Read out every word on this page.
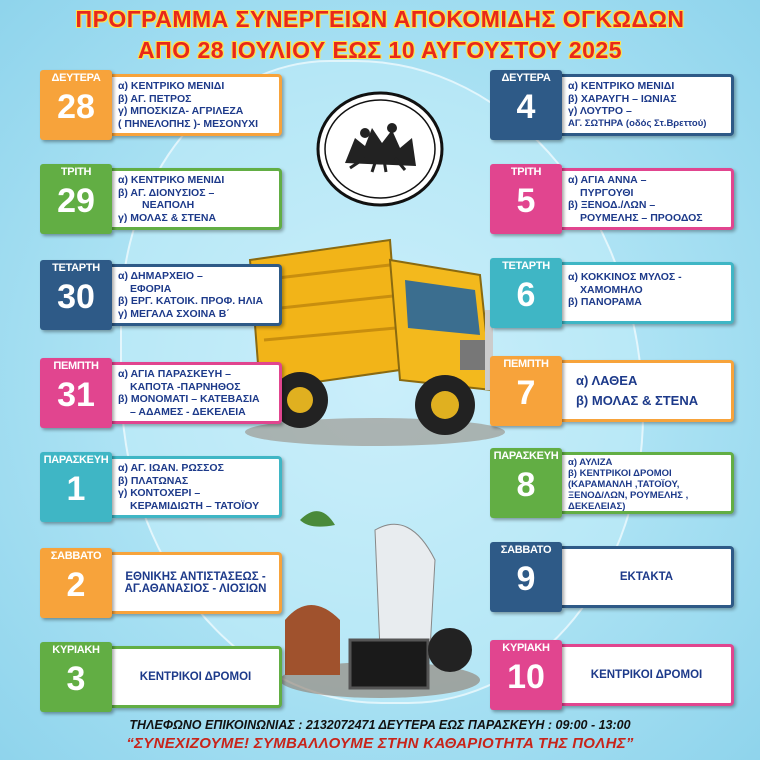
ΠΡΟΓΡΑΜΜΑ ΣΥΝΕΡΓΕΙΩΝ ΑΠΟΚΟΜΙΔΗΣ ΟΓΚΩΔΩΝ
ΑΠΟ 28 ΙΟΥΛΙΟΥ ΕΩΣ 10 ΑΥΓΟΥΣΤΟΥ 2025
ΔΕΥΤΕΡΑ
28
α) ΚΕΝΤΡΙΚΟ ΜΕΝΙΔΙ
β) ΑΓ. ΠΕΤΡΟΣ
γ) ΜΠΟΣΚΙΖΑ- ΑΓΡΙΛΕΖΑ
( ΠΗΝΕΛΟΠΗΣ )- ΜΕΣΟΝΥΧΙ
ΤΡΙΤΗ
29
α) ΚΕΝΤΡΙΚΟ ΜΕΝΙΔΙ
β) ΑΓ. ΔΙΟΝΥΣΙΟΣ –
ΝΕΑΠΟΛΗ
γ) ΜΟΛΑΣ & ΣΤΕΝΑ
ΤΕΤΑΡΤΗ
30
α) ΔΗΜΑΡΧΕΙΟ –
ΕΦΟΡΙΑ
β) ΕΡΓ. ΚΑΤΟΙΚ. ΠΡΟΦ. ΗΛΙΑ
γ) ΜΕΓΑΛΑ ΣΧΟΙΝΑ Β΄
ΠΕΜΠΤΗ
31
α) ΑΓΙΑ ΠΑΡΑΣΚΕΥΗ –
ΚΑΠΟΤΑ -ΠΑΡΝΗΘΟΣ
β) ΜΟΝΟΜΑΤΙ – ΚΑΤΕΒΑΣΙΑ
– ΑΔΑΜΕΣ - ΔΕΚΕΛΕΙΑ
ΠΑΡΑΣΚΕΥΗ
1
α) ΑΓ. ΙΩΑΝ. ΡΩΣΣΟΣ
β) ΠΛΑΤΩΝΑΣ
γ) ΚΟΝΤΟΧΕΡΙ –
ΚΕΡΑΜΙΔΙΩΤΗ – ΤΑΤΟΪΟΥ
ΣΑΒΒΑΤΟ
2	ΕΘΝΙΚΗΣ ΑΝΤΙΣΤΑΣΕΩΣ -
ΑΓ.ΑΘΑΝΑΣΙΟΣ - ΛΙΟΣΙΩΝ
ΚΥΡΙΑΚΗ
3	ΚΕΝΤΡΙΚΟΙ ΔΡΟΜΟΙ
ΔΕΥΤΕΡΑ
4
α) ΚΕΝΤΡΙΚΟ ΜΕΝΙΔΙ
β) ΧΑΡΑΥΓΗ – ΙΩΝΙΑΣ
γ) ΛΟΥΤΡΟ –
ΑΓ. ΣΩΤΗΡΑ (οδός Στ.Βρεττού)
ΤΡΙΤΗ
5
α) ΑΓΙΑ ΑΝΝΑ –
ΠΥΡΓΟΥΘΙ
β) ΞΕΝΟΔ./ΛΩΝ –
ΡΟΥΜΕΛΗΣ – ΠΡΟΟΔΟΣ
ΤΕΤΑΡΤΗ
6	α) ΚΟΚΚΙΝΟΣ ΜΥΛΟΣ -
ΧΑΜΟΜΗΛΟ
β) ΠΑΝΟΡΑΜΑ
ΠΕΜΠΤΗ
7	α) ΛΑΘΕΑ
β) ΜΟΛΑΣ & ΣΤΕΝΑ
ΠΑΡΑΣΚΕΥΗ
8
α) ΑΥΛΙΖΑ
β) ΚΕΝΤΡΙΚΟΙ ΔΡΟΜΟΙ
(ΚΑΡΑΜΑΝΛΗ ,ΤΑΤΟΪΟΥ,
ΞΕΝΟΔ/ΛΩΝ, ΡΟΥΜΕΛΗΣ ,
ΔΕΚΕΛΕΙΑΣ)
ΣΑΒΒΑΤΟ
9	ΕΚΤΑΚΤΑ
ΚΥΡΙΑΚΗ
10	ΚΕΝΤΡΙΚΟΙ ΔΡΟΜΟΙ
ΤΗΛΕΦΩΝΟ ΕΠΙΚΟΙΝΩΝΙΑΣ : 2132072471 ΔΕΥΤΕΡΑ ΕΩΣ ΠΑΡΑΣΚΕΥΗ : 09:00 - 13:00
“ΣΥΝΕΧΙΖΟΥΜΕ! ΣΥΜΒΑΛΛΟΥΜΕ ΣΤΗΝ ΚΑΘΑΡΙΟΤΗΤΑ ΤΗΣ ΠΟΛΗΣ”
